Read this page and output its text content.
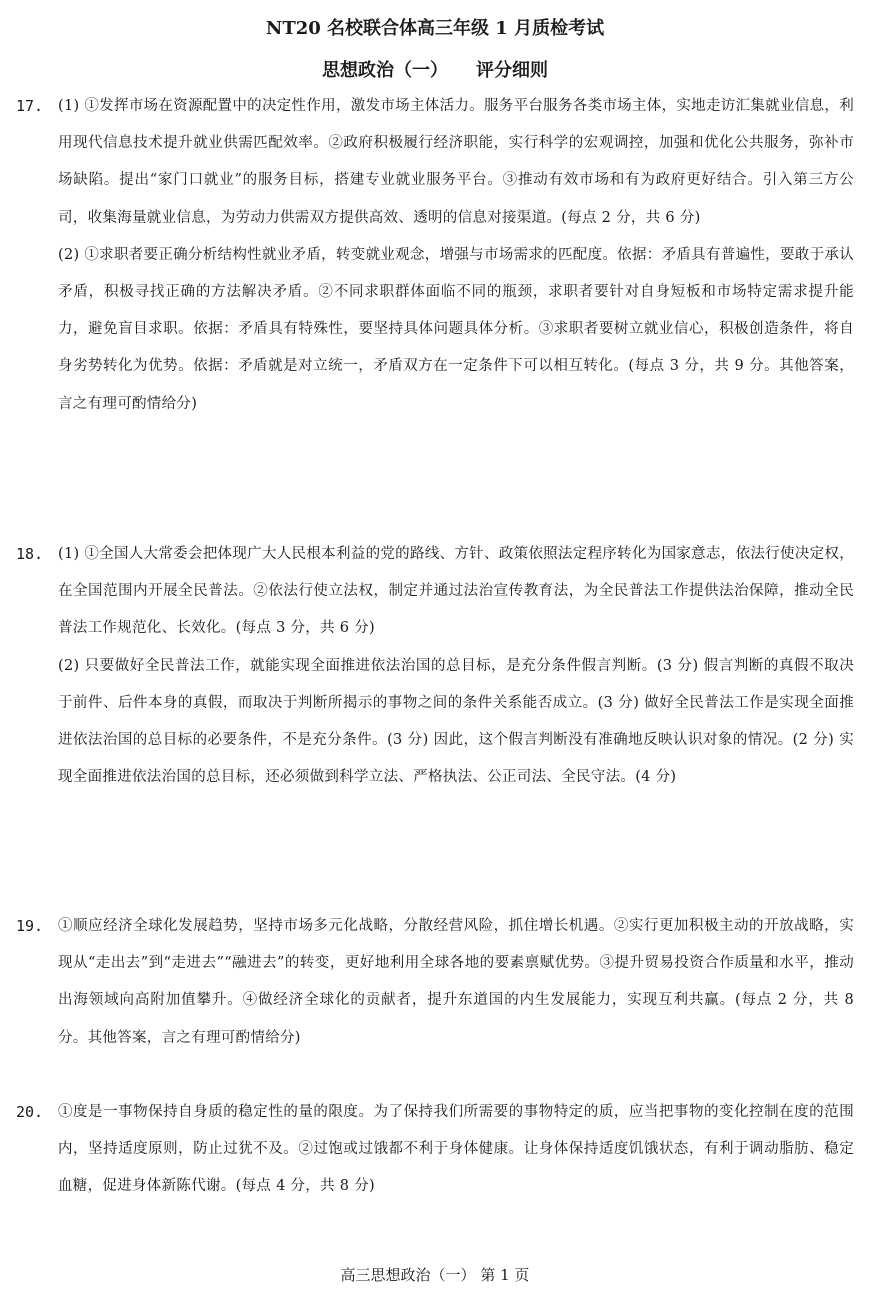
NT20 名校联合体高三年级 1 月质检考试
思想政治（一） 评分细则
17. (1) ①发挥市场在资源配置中的决定性作用，激发市场主体活力。服务平台服务各类市场主体，实地走访汇集就业信息，利用现代信息技术提升就业供需匹配效率。②政府积极履行经济职能，实行科学的宏观调控，加强和优化公共服务，弥补市场缺陷。提出“家门口就业”的服务目标，搭建专业就业服务平台。③推动有效市场和有为政府更好结合。引入第三方公司，收集海量就业信息，为劳动力供需双方提供高效、透明的信息对接渠道。(每点 2 分，共 6 分)

(2) ①求职者要正确分析结构性就业矛盾，转变就业观念，增强与市场需求的匹配度。依据：矛盾具有普遍性，要敢于承认矛盾，积极寻找正确的方法解决矛盾。②不同求职群体面临不同的瓶颈，求职者要针对自身短板和市场特定需求提升能力，避免盲目求职。依据：矛盾具有特殊性，要坚持具体问题具体分析。③求职者要树立就业信心，积极创造条件，将自身劣势转化为优势。依据：矛盾就是对立统一，矛盾双方在一定条件下可以相互转化。(每点 3 分，共 9 分。其他答案，言之有理可酌情给分)

18. (1) ①全国人大常委会把体现广大人民根本利益的党的路线、方针、政策依照法定程序转化为国家意志，依法行使决定权，在全国范围内开展全民普法。②依法行使立法权，制定并通过法治宣传教育法，为全民普法工作提供法治保障，推动全民普法工作规范化、长效化。(每点 3 分，共 6 分)

(2) 只要做好全民普法工作，就能实现全面推进依法治国的总目标，是充分条件假言判断。(3 分) 假言判断的真假不取决于前件、后件本身的真假，而取决于判断所揭示的事物之间的条件关系能否成立。(3 分) 做好全民普法工作是实现全面推进依法治国的总目标的必要条件，不是充分条件。(3 分) 因此，这个假言判断没有准确地反映认识对象的情况。(2 分) 实现全面推进依法治国的总目标，还必须做到科学立法、严格执法、公正司法、全民守法。(4 分)

19. ①顺应经济全球化发展趋势，坚持市场多元化战略，分散经营风险，抓住增长机遇。②实行更加积极主动的开放战略，实现从“走出去”到“走进去”“融进去”的转变，更好地利用全球各地的要素禀赋优势。③提升贸易投资合作质量和水平，推动出海领域向高附加值攀升。④做经济全球化的贡献者，提升东道国的内生发展能力，实现互利共赢。(每点 2 分，共 8 分。其他答案，言之有理可酌情给分)

20. ①度是一事物保持自身质的稳定性的量的限度。为了保持我们所需要的事物特定的质，应当把事物的变化控制在度的范围内，坚持适度原则，防止过犹不及。②过饱或过饿都不利于身体健康。让身体保持适度饥饿状态，有利于调动脂肪、稳定血糖，促进身体新陈代谢。(每点 4 分，共 8 分)

高三思想政治（一） 第 1 页
